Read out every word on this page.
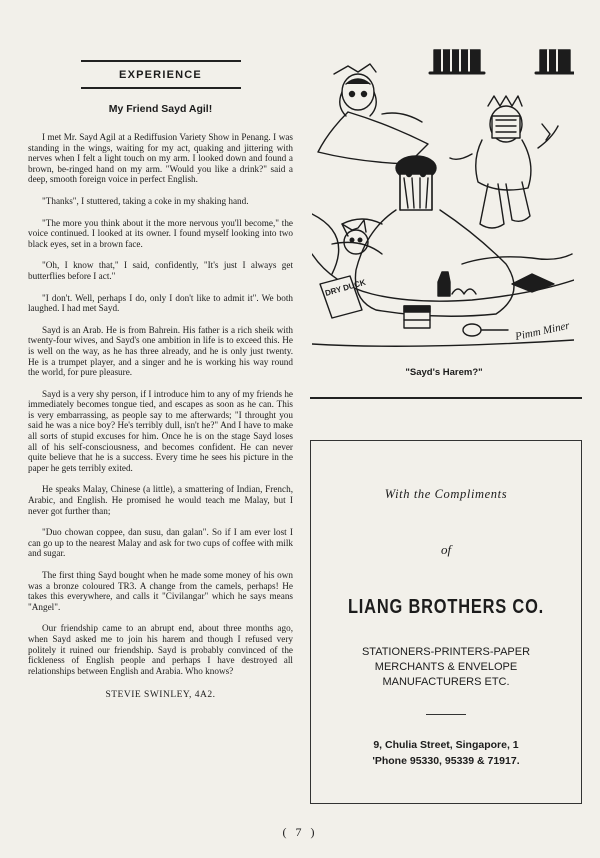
EXPERIENCE
My Friend Sayd Agil!

I met Mr. Sayd Agil at a Rediffusion Variety Show in Penang. I was standing in the wings, waiting for my act, quaking and jittering with nerves when I felt a light touch on my arm. I looked down and found a brown, be-ringed hand on my arm. "Would you like a drink?" said a deep, smooth foreign voice in perfect English.

"Thanks", I stuttered, taking a coke in my shaking hand.

"The more you think about it the more nervous you'll become," the voice continued. I looked at its owner. I found myself looking into two black eyes, set in a brown face.

"Oh, I know that," I said, confidently, "It's just I always get butterflies before I act."

"I don't. Well, perhaps I do, only I don't like to admit it". We both laughed. I had met Sayd.

Sayd is an Arab. He is from Bahrein. His father is a rich sheik with twenty-four wives, and Sayd's one ambition in life is to exceed this. He is well on the way, as he has three already, and he is only just twenty. He is a trumpet player, and a singer and he is working his way round the world, for pure pleasure.

Sayd is a very shy person, if I introduce him to any of my friends he immediately becomes tongue tied, and escapes as soon as he can. This is very embarrassing, as people say to me afterwards; "I throught you said he was a nice boy? He's terribly dull, isn't he?" And I have to make all sorts of stupid excuses for him. Once he is on the stage Sayd loses all of his self-consciousness, and becomes confident. He can never quite believe that he is a success. Every time he sees his picture in the paper he gets terribly exited.

He speaks Malay, Chinese (a little), a smattering of Indian, French, Arabic, and English. He promised he would teach me Malay, but I never got further than;

"Duo chowan coppee, dan susu, dan galan". So if I am ever lost I can go up to the nearest Malay and ask for two cups of coffee with milk and sugar.

The first thing Sayd bought when he made some money of his own was a bronze coloured TR3. A change from the camels, perhaps! He takes this everywhere, and calls it "Civilangar" which he says means "Angel".

Our friendship came to an abrupt end, about three months ago, when Sayd asked me to join his harem and though I refused very politely it ruined our friendship. Sayd is probably convinced of the fickleness of English people and perhaps I have destroyed all relationships between English and Arabia. Who knows?

STEVIE SWINLEY, 4A2.
DRY DUCK
Pimm Miner
"Sayd's Harem?"
With the Compliments
of
LIANG BROTHERS CO.
STATIONERS-PRINTERS-PAPER
MERCHANTS & ENVELOPE
MANUFACTURERS ETC.
9, Chulia Street, Singapore, 1
'Phone 95330, 95339 & 71917.
( 7 )
